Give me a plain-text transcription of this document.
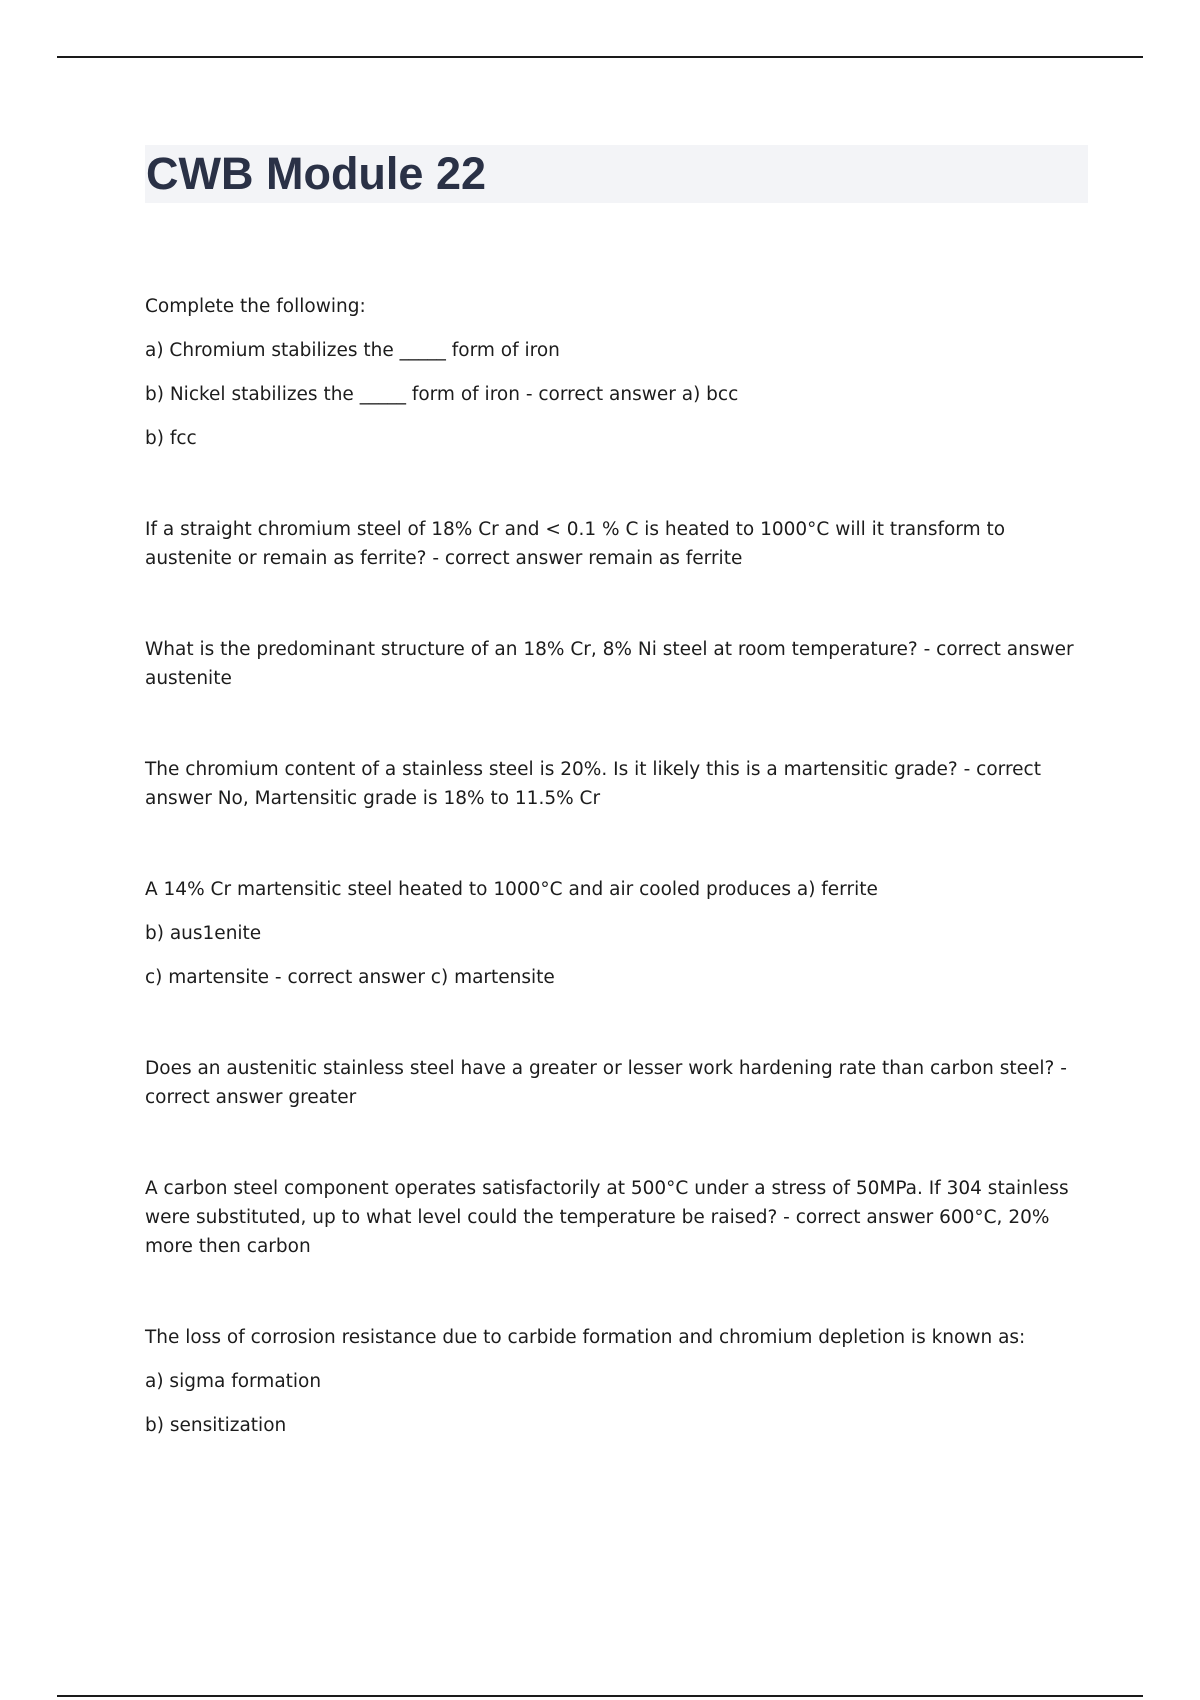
CWB Module 22

Complete the following:

a) Chromium stabilizes the _____ form of iron

b) Nickel stabilizes the _____ form of iron - correct answer a) bcc

b) fcc

If a straight chromium steel of 18% Cr and < 0.1 % C is heated to 1000°C will it transform to austenite or remain as ferrite? - correct answer remain as ferrite

What is the predominant structure of an 18% Cr, 8% Ni steel at room temperature? - correct answer austenite

The chromium content of a stainless steel is 20%. Is it likely this is a martensitic grade? - correct answer No, Martensitic grade is 18% to 11.5% Cr

A 14% Cr martensitic steel heated to 1000°C and air cooled produces a) ferrite

b) aus1enite

c) martensite - correct answer c) martensite

Does an austenitic stainless steel have a greater or lesser work hardening rate than carbon steel? - correct answer greater

A carbon steel component operates satisfactorily at 500°C under a stress of 50MPa. If 304 stainless were substituted, up to what level could the temperature be raised? - correct answer 600°C, 20% more then carbon

The loss of corrosion resistance due to carbide formation and chromium depletion is known as:

a) sigma formation

b) sensitization
